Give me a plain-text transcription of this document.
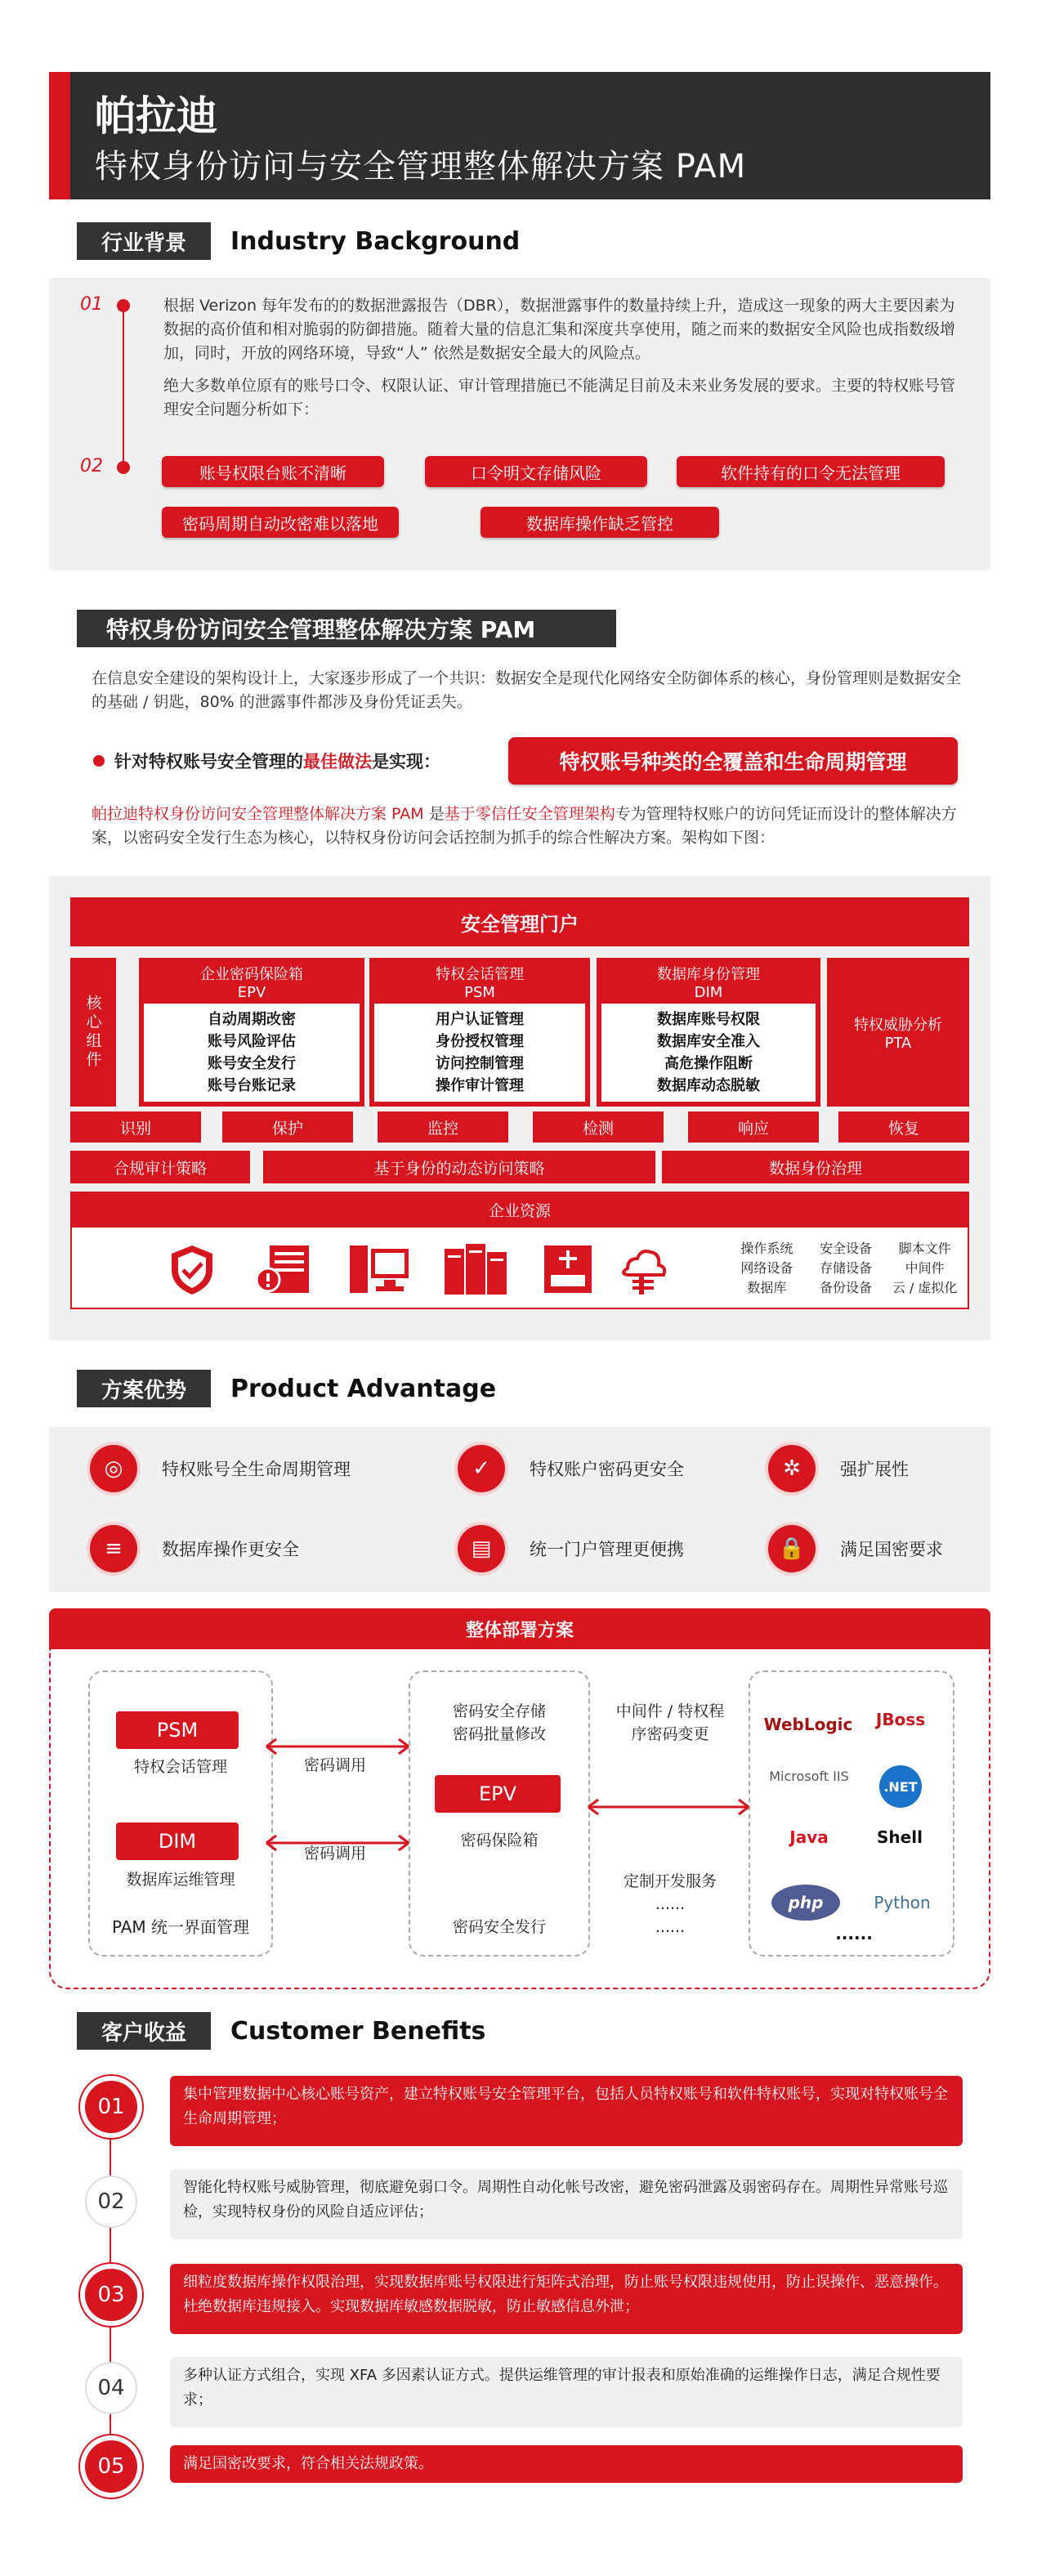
帕拉迪
特权身份访问与安全管理整体解决方案 PAM
行业背景	Industry Background
01
02
根据 Verizon 每年发布的的数据泄露报告（DBR），数据泄露事件的数量持续上升，造成这一现象的两大主要因素为数据的高价值和相对脆弱的防御措施。随着大量的信息汇集和深度共享使用，随之而来的数据安全风险也成指数级增加，同时，开放的网络环境，导致“人” 依然是数据安全最大的风险点。
绝大多数单位原有的账号口令、权限认证、审计管理措施已不能满足目前及未来业务发展的要求。主要的特权账号管理安全问题分析如下：
账号权限台账不清晰	口令明文存储风险	软件持有的口令无法管理
密码周期自动改密难以落地	数据库操作缺乏管控
特权身份访问安全管理整体解决方案 PAM
在信息安全建设的架构设计上，大家逐步形成了一个共识：数据安全是现代化网络安全防御体系的核心，身份管理则是数据安全的基础 / 钥匙，80% 的泄露事件都涉及身份凭证丢失。
针对特权账号安全管理的最佳做法是实现：	特权账号种类的全覆盖和生命周期管理
帕拉迪特权身份访问安全管理整体解决方案 PAM 是基于零信任安全管理架构专为管理特权账户的访问凭证而设计的整体解决方案，以密码安全发行生态为核心，以特权身份访问会话控制为抓手的综合性解决方案。架构如下图：
安全管理门户
核心组件
企业密码保险箱
EPV
自动周期改密
账号风险评估
账号安全发行
账号台账记录
特权会话管理
PSM
用户认证管理
身份授权管理
访问控制管理
操作审计管理
数据库身份管理
DIM
数据库账号权限
数据库安全准入
高危操作阻断
数据库动态脱敏
特权威胁分析
PTA
识别	保护	监控	检测	响应	恢复
合规审计策略	基于身份的动态访问策略	数据身份治理
企业资源
操作系统	安全设备	脚本文件
网络设备	存储设备	中间件
数据库	备份设备	云 / 虚拟化
方案优势	Product Advantage
◎	特权账号全生命周期管理	✓	特权账户密码更安全	✲	强扩展性
≡	数据库操作更安全	▤	统一门户管理更便携	🔒	满足国密要求
整体部署方案
PSM
特权会话管理
DIM
数据库运维管理
PAM 统一界面管理
密码调用
密码调用
密码安全存储
密码批量修改
EPV
密码保险箱
密码安全发行
中间件 / 特权程
序密码变更
定制开发服务
......
......
WebLogic	JBoss
Microsoft IIS
.NET
Java	Shell
php	Python
......
客户收益	Customer Benefits
01
集中管理数据中心核心账号资产，建立特权账号安全管理平台，包括人员特权账号和软件特权账号，实现对特权账号全生命周期管理；
02
智能化特权账号威胁管理，彻底避免弱口令。周期性自动化帐号改密，避免密码泄露及弱密码存在。周期性异常账号巡检，实现特权身份的风险自适应评估；
03
细粒度数据库操作权限治理，实现数据库账号权限进行矩阵式治理，防止账号权限违规使用，防止误操作、恶意操作。杜绝数据库违规接入。实现数据库敏感数据脱敏，防止敏感信息外泄；
04
多种认证方式组合，实现 XFA 多因素认证方式。提供运维管理的审计报表和原始准确的运维操作日志，满足合规性要求；
05	满足国密改要求，符合相关法规政策。
